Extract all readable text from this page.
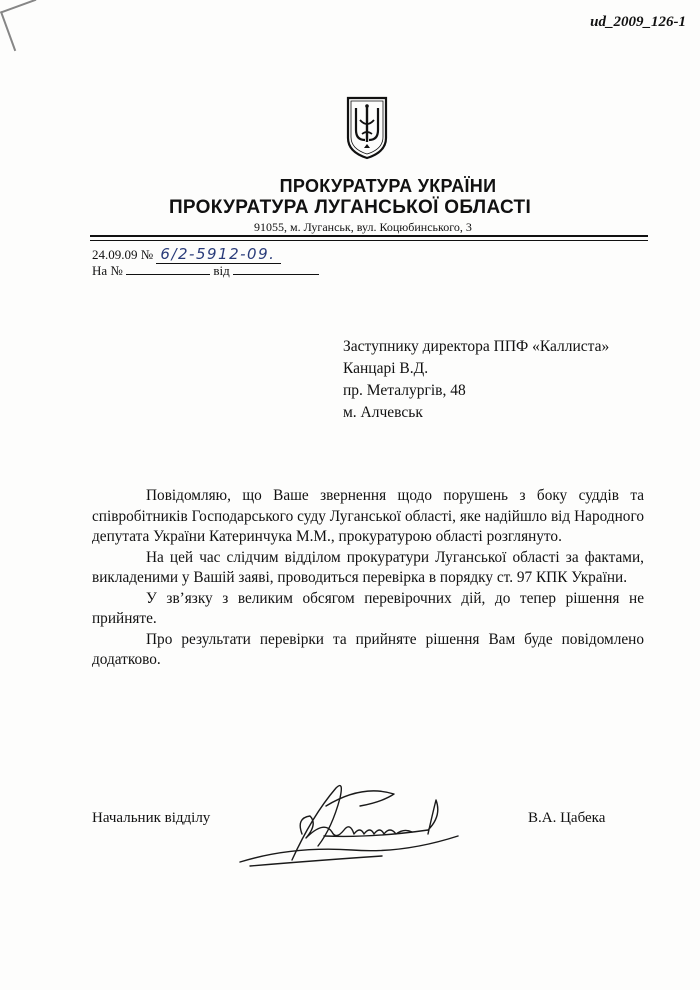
ud_2009_126-1
ПРОКУРАТУРА УКРАЇНИ
ПРОКУРАТУРА ЛУГАНСЬКОЇ ОБЛАСТІ
91055, м. Луганськ, вул. Коцюбинського, 3
24.09.09 № 6/2-5912-09.
На №	від
Заступнику директора ППФ «Каллиста»
Канцарі В.Д.
пр. Металургів, 48
м. Алчевськ

Повідомляю, що Ваше звернення щодо порушень з боку суддів та співробітників Господарського суду Луганської області, яке надійшло від Народного депутата України Катеринчука М.М., прокуратурою області розглянуто.

На цей час слідчим відділом прокуратури Луганської області за фактами, викладеними у Вашій заяві, проводиться перевірка в порядку ст. 97 КПК України.

У зв’язку з великим обсягом перевірочних дій, до тепер рішення не прийняте.

Про результати перевірки та прийняте рішення Вам буде повідомлено додатково.

Начальник відділу	В.А. Цабека
